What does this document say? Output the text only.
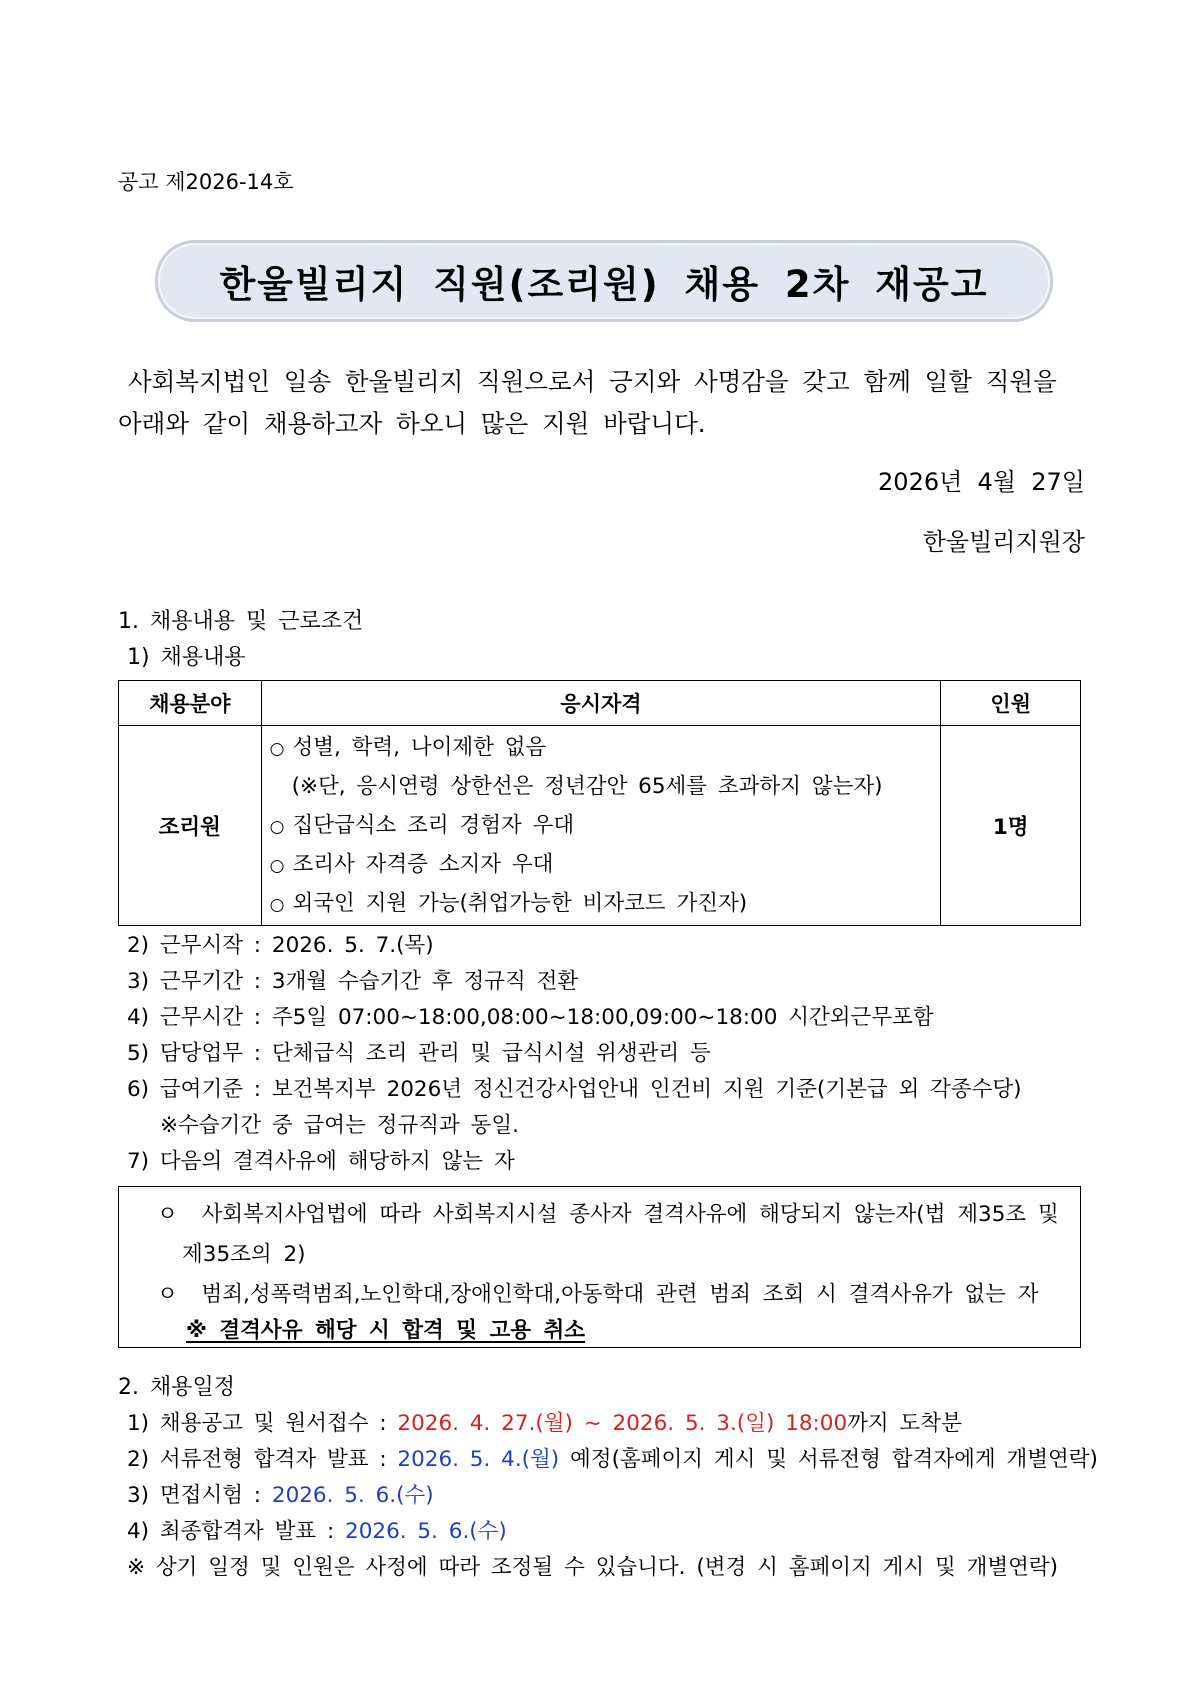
공고 제2026-14호
한울빌리지 직원(조리원) 채용 2차 재공고
사회복지법인 일송 한울빌리지 직원으로서 긍지와 사명감을 갖고 함께 일할 직원을
아래와 같이 채용하고자 하오니 많은 지원 바랍니다.
2026년  4월  27일
한울빌리지원장
1. 채용내용 및 근로조건
1) 채용내용
채용분야	응시자격	인원
조리원	○ 성별, 학력, 나이제한 없음
(※단, 응시연령 상한선은 정년감안 65세를 초과하지 않는자)
○ 집단급식소 조리 경험자 우대
○ 조리사 자격증 소지자 우대
○ 외국인 지원 가능(취업가능한 비자코드 가진자)	1명
2) 근무시작 : 2026. 5. 7.(목)
3) 근무기간 : 3개월 수습기간 후 정규직 전환
4) 근무시간 : 주5일 07:00~18:00,08:00~18:00,09:00~18:00 시간외근무포함
5) 담당업무 : 단체급식 조리 관리 및 급식시설 위생관리 등
6) 급여기준 : 보건복지부 2026년 정신건강사업안내 인건비 지원 기준(기본급 외 각종수당)
※수습기간 중 급여는 정규직과 동일.
7) 다음의 결격사유에 해당하지 않는 자
ㅇ 사회복지사업법에 따라 사회복지시설 종사자 결격사유에 해당되지 않는자(법 제35조 및
제35조의 2)
ㅇ 범죄,성폭력범죄,노인학대,장애인학대,아동학대 관련 범죄 조회 시 결격사유가 없는 자
※ 결격사유 해당 시 합격 및 고용 취소
2. 채용일정
1) 채용공고 및 원서접수 : 2026. 4. 27.(월) ~ 2026. 5. 3.(일) 18:00까지 도착분
2) 서류전형 합격자 발표 : 2026. 5. 4.(월) 예정(홈페이지 게시 및 서류전형 합격자에게 개별연락)
3) 면접시험 : 2026. 5. 6.(수)
4) 최종합격자 발표 : 2026. 5. 6.(수)
※ 상기 일정 및 인원은 사정에 따라 조정될 수 있습니다. (변경 시 홈페이지 게시 및 개별연락)
